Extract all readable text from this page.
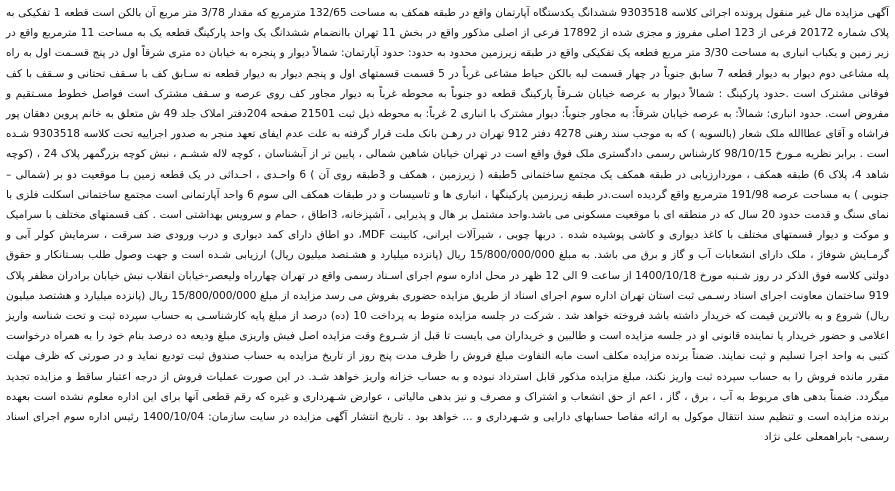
آگهی مزایده مال غیر منقول پرونده اجرائی کلاسه 9303518 ششدانگ یکدستگاه آپارتمان واقع در طبقه همکف به مساحت 132/65 مترمربع که مقدار 3/78 متر مربع آن بالکن است قطعه 1 تفکیکی به پلاک شماره 20172 فرعی از 123 اصلی مفروز و مجزی شده از 17892 فرعی از اصلی مذکور واقع در بخش 11 تهران باانضمام ششدانگ یک واحد پارکینگ قطعه یک به مساحت 11 مترمربع واقع در زیر زمین و یکباب انباری به مساحت 3/30 متر مربع قطعه یک تفکیکی واقع در طبقه زیرزمین محدود به حدود: حدود آپارتمان: شمالاً دیوار و پنجره به خیابان ده متری شرقاً اول در پنج قسـمت اول به راه پله مشاعی دوم دیوار به دیوار قطعه 7 سابق جنوباً در چهار قسمت لبه بالکن حیاط مشاعی غرباً در 5 قسمت قسمتهای اول و پنجم دیوار به دیوار قطعه نه سـابق کف با سـقف تحتانی و سـقف با کف فوقانی مشترک است .حدود پارکینگ : شمالاً دیوار به عرصه خیابان شـرقاً پارکینگ قطعه دو جنوباً به محوطه غرباً به دیوار مجاور کف روی عرصه و سـقف مشترک است فواصل خطوط مسـتقیم و مفروض است. حدود انباری: شمالاً: به عرصه خیابان شرقاً: به مجاور جنوباً: دیوار مشترک با انباری 2 غرباً: به محوطه ذیل ثبت 21501 صفحه 204دفتر املاک جلد 49 ش متعلق به خانم پروین دهقان پور فراشاه و آقای عطاالله ملک شعار (بالسویه ) که به موجب سند رهنی 4278 دفتر 912 تهران در رهـن بانک ملت قرار گرفته به علت عدم ایفای تعهد منجر به صدور اجراییه تحت کلاسه 9303518 شـده است . برابر نظریه مـورخ 98/10/15 کارشناس رسمی دادگستری ملک فوق واقع است در تهران خیابان شاهین شمالی ، پایین تر از آبشناسان ، کوچه لاله ششـم ، نبش کوچه بزرگمهر پلاک 24 ، (کوچه شاهد 4، پلاک 6) طبقه همکف ، موردارزیابی در طبقه همکف یک مجتمع ساختمانی 5طبقه ( زیرزمین ، همکف و 3طبقه روی آن ) 6 واحـدی ، احـداثی در یک قطعه زمین بـا موقعیت دو بر (شمالی – جنوبی ) به مساحت عرصه 191/98 مترمربع واقع گردیده است.در طبقه زیرزمین پارکینگها ، انباری ها و تاسیسات و در طبقات همکف الی سوم 6 واحد آپارتمانی است مجتمع ساختمانی اسکلت فلزی با نمای سنگ و قدمت حدود 20 سال که در منطقه ای با موقعیت مسکونی می باشد.واحد مشتمل بر هال و پذیرایی ، آشپزخانه، 3اطاق ، حمام و سرویس بهداشتی است . کف قسمتهای مختلف با سرامیک و موکت و دیوار قسمتهای مختلف با کاغذ دیواری و کاشی پوشیده شده . دربها چوبی ، شیرآلات ایرانی، کابینت MDF، دو اطاق دارای کمد دیواری و درب ورودی ضد سرقت ، سرمایش کولر آبی و گرمـایش شوفاژ ، ملک دارای انشعابات آب و گاز و برق می باشد. به مبلغ 15/800/000/000 ریال (پانزده میلیارد و هشـتصد میلیون ریال) ارزیابی شـده است و جهت وصول طلب بسـتانکار و حقوق دولتی کلاسه فوق الذکر در روز شـنبه مورخ 1400/10/18 از ساعت 9 الی 12 ظهر در محل اداره سوم اجرای اسـناد رسمی واقع در تهران چهارراه ولیعصر-خیابان انقلاب نبش خیابان برادران مظفر پلاک 919 ساختمان معاونت اجرای اسناد رسـمی ثبت استان تهران اداره سوم اجرای اسناد از طریق مزایده حضوری بفروش می رسد مزایده از مبلغ 15/800/000/000 ریال (پانزده میلیارد و هشتصد میلیون ریال) شروع و به بالاترین قیمت که خریدار داشته باشد فروخته خواهد شد . شرکت در جلسه مزایده منوط به پرداخت 10 (ده) درصد از مبلغ پایه کارشناسـی به حساب سپرده ثبت و تحت شناسه واریز اعلامی و حضور خریدار یا نماینده قانونی او در جلسه مزایده است و طالبین و خریداران می بایست تا قبل از شـروع وقت مزایده اصل فیش واریزی مبلغ ودیعه ده درصد بنام خود را به همراه درخواست کتبی به واحد اجرا تسلیم و ثبت نمایند. ضمناً برنده مزایده مکلف است مابه التفاوت مبلغ فروش را ظرف مدت پنج روز از تاریخ مزایده به حساب صندوق ثبت تودیع نماید و در صورتی که ظرف مهلت مقرر مانده فروش را به حساب سپرده ثبت واریز نکند، مبلغ مزایده مذکور قابل استرداد نبوده و به حساب خزانه واریز خواهد شـد. در این صورت عملیات فروش از درجه اعتبار ساقط و مزایده تجدید میگردد. ضمناً بدهی های مربوط به آب ، برق ، گاز ، اعم از حق انشعاب و اشتراک و مصرف و نیز بدهی مالیاتی ، عوارض شـهرداری و غیره که رقم قطعی آنها برای این اداره معلوم نشده است بعهده برنده مزایده است و تنظیم سند انتقال موکول به ارائه مفاصا حسابهای دارایی و شـهرداری و ... خواهد بود . تاریخ انتشار آگهی مزایده در سایت سازمان: 1400/10/04 رئیس اداره سوم اجرای اسناد رسمی- بابراهمعلی علی نژاد
